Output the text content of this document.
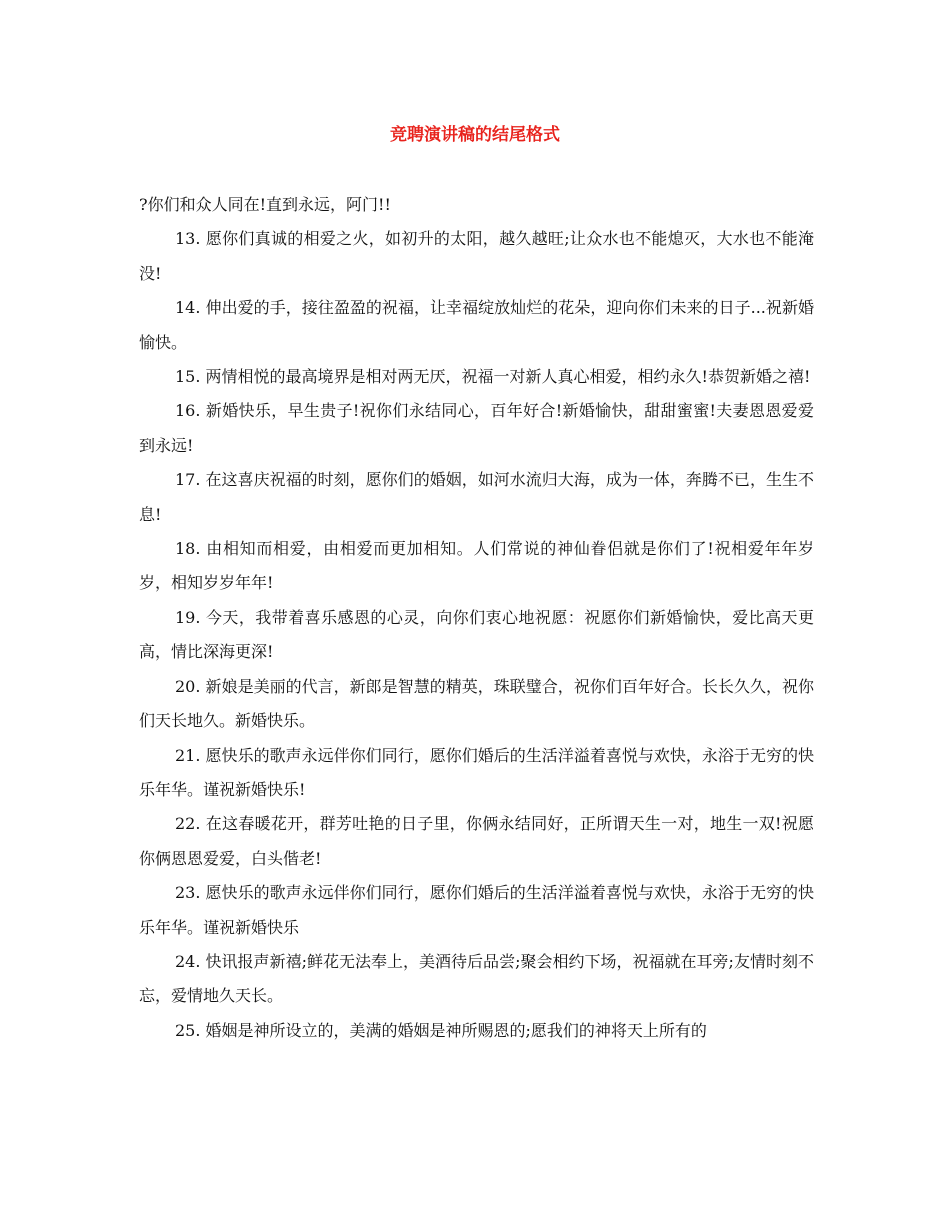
竞聘演讲稿的结尾格式

?你们和众人同在!直到永远，阿门!!

13. 愿你们真诚的相爱之火，如初升的太阳，越久越旺;让众水也不能熄灭，大水也不能淹没!

14. 伸出爱的手，接往盈盈的祝福，让幸福绽放灿烂的花朵，迎向你们未来的日子...祝新婚愉快。

15. 两情相悦的最高境界是相对两无厌，祝福一对新人真心相爱，相约永久!恭贺新婚之禧!

16. 新婚快乐，早生贵子!祝你们永结同心，百年好合!新婚愉快，甜甜蜜蜜!夫妻恩恩爱爱到永远!

17. 在这喜庆祝福的时刻，愿你们的婚姻，如河水流归大海，成为一体，奔腾不已，生生不息!

18. 由相知而相爱，由相爱而更加相知。人们常说的神仙眷侣就是你们了!祝相爱年年岁岁，相知岁岁年年!

19. 今天，我带着喜乐感恩的心灵，向你们衷心地祝愿：祝愿你们新婚愉快，爱比高天更高，情比深海更深!

20. 新娘是美丽的代言，新郎是智慧的精英，珠联璧合，祝你们百年好合。长长久久，祝你们天长地久。新婚快乐。

21. 愿快乐的歌声永远伴你们同行，愿你们婚后的生活洋溢着喜悦与欢快，永浴于无穷的快乐年华。谨祝新婚快乐!

22. 在这春暖花开，群芳吐艳的日子里，你俩永结同好，正所谓天生一对，地生一双!祝愿你俩恩恩爱爱，白头偕老!

23. 愿快乐的歌声永远伴你们同行，愿你们婚后的生活洋溢着喜悦与欢快，永浴于无穷的快乐年华。谨祝新婚快乐

24. 快讯报声新禧;鲜花无法奉上，美酒待后品尝;聚会相约下场，祝福就在耳旁;友情时刻不忘，爱情地久天长。

25. 婚姻是神所设立的，美满的婚姻是神所赐恩的;愿我们的神将天上所有的
